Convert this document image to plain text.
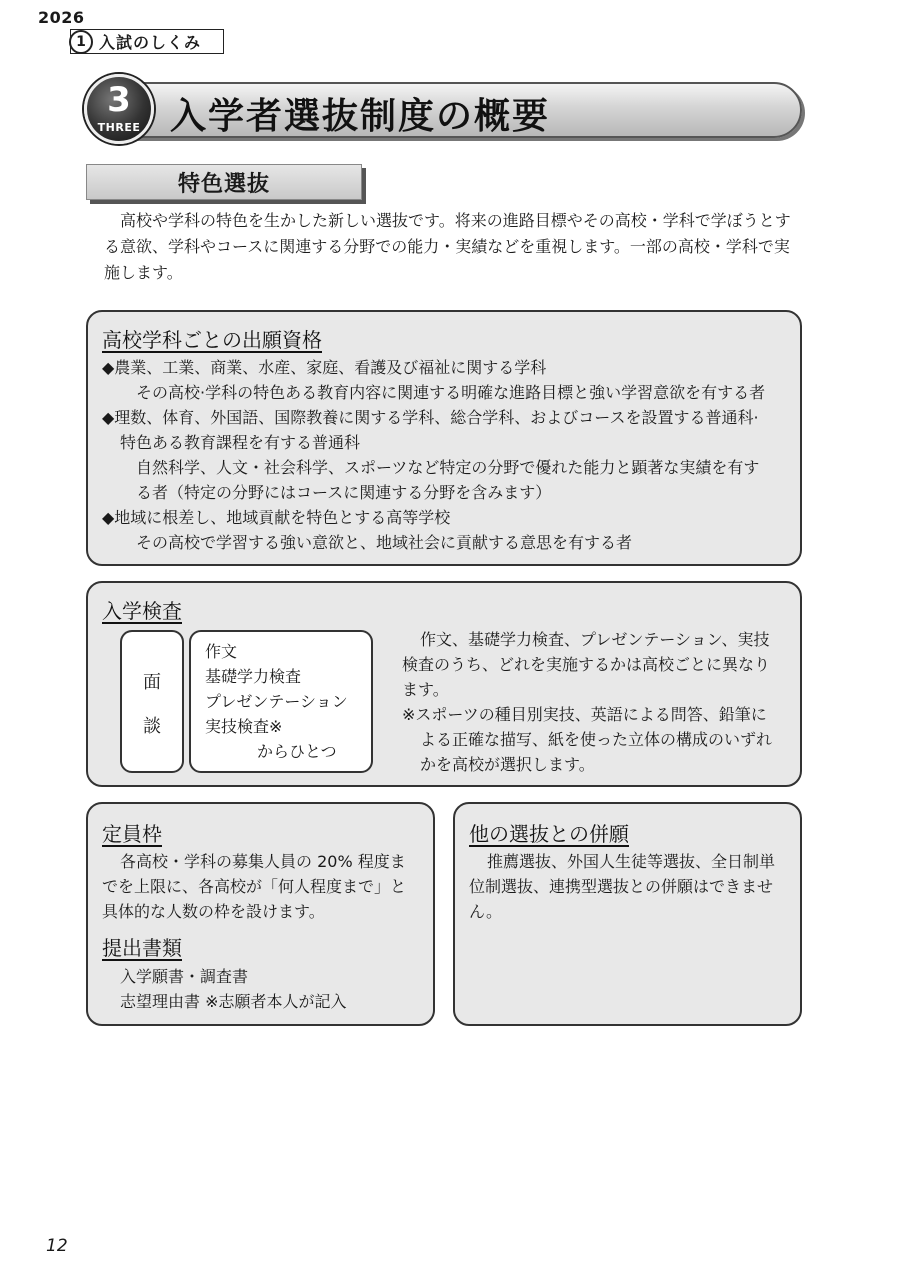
2026
1 入試のしくみ
入学者選抜制度の概要
3
THREE
特色選抜

高校や学科の特色を生かした新しい選抜です。将来の進路目標やその高校・学科で学ぼうとする意欲、学科やコースに関連する分野での能力・実績などを重視します。一部の高校・学科で実施します。

高校学科ごとの出願資格
◆農業、工業、商業、水産、家庭、看護及び福祉に関する学科
その高校·学科の特色ある教育内容に関連する明確な進路目標と強い学習意欲を有する者
◆理数、体育、外国語、国際教養に関する学科、総合学科、およびコースを設置する普通科·
特色ある教育課程を有する普通科
自然科学、人文・社会科学、スポーツなど特定の分野で優れた能力と顕著な実績を有す
る者（特定の分野にはコースに関連する分野を含みます）
◆地域に根差し、地域貢献を特色とする高等学校
その高校で学習する強い意欲と、地域社会に貢献する意思を有する者
入学検査
面
談
作文
基礎学力検査
プレゼンテーション
実技検査※
からひとつ
作文、基礎学力検査、プレゼンテーション、実技
検査のうち、どれを実施するかは高校ごとに異なり
ます。
※スポーツの種目別実技、英語による問答、鉛筆に
よる正確な描写、紙を使った立体の構成のいずれ
かを高校が選択します。
定員枠
各高校・学科の募集人員の 20% 程度ま
でを上限に、各高校が「何人程度まで」と
具体的な人数の枠を設けます。
提出書類
入学願書・調査書
志望理由書 ※志願者本人が記入
他の選抜との併願
推薦選抜、外国人生徒等選抜、全日制単
位制選抜、連携型選抜との併願はできませ
ん。
12
